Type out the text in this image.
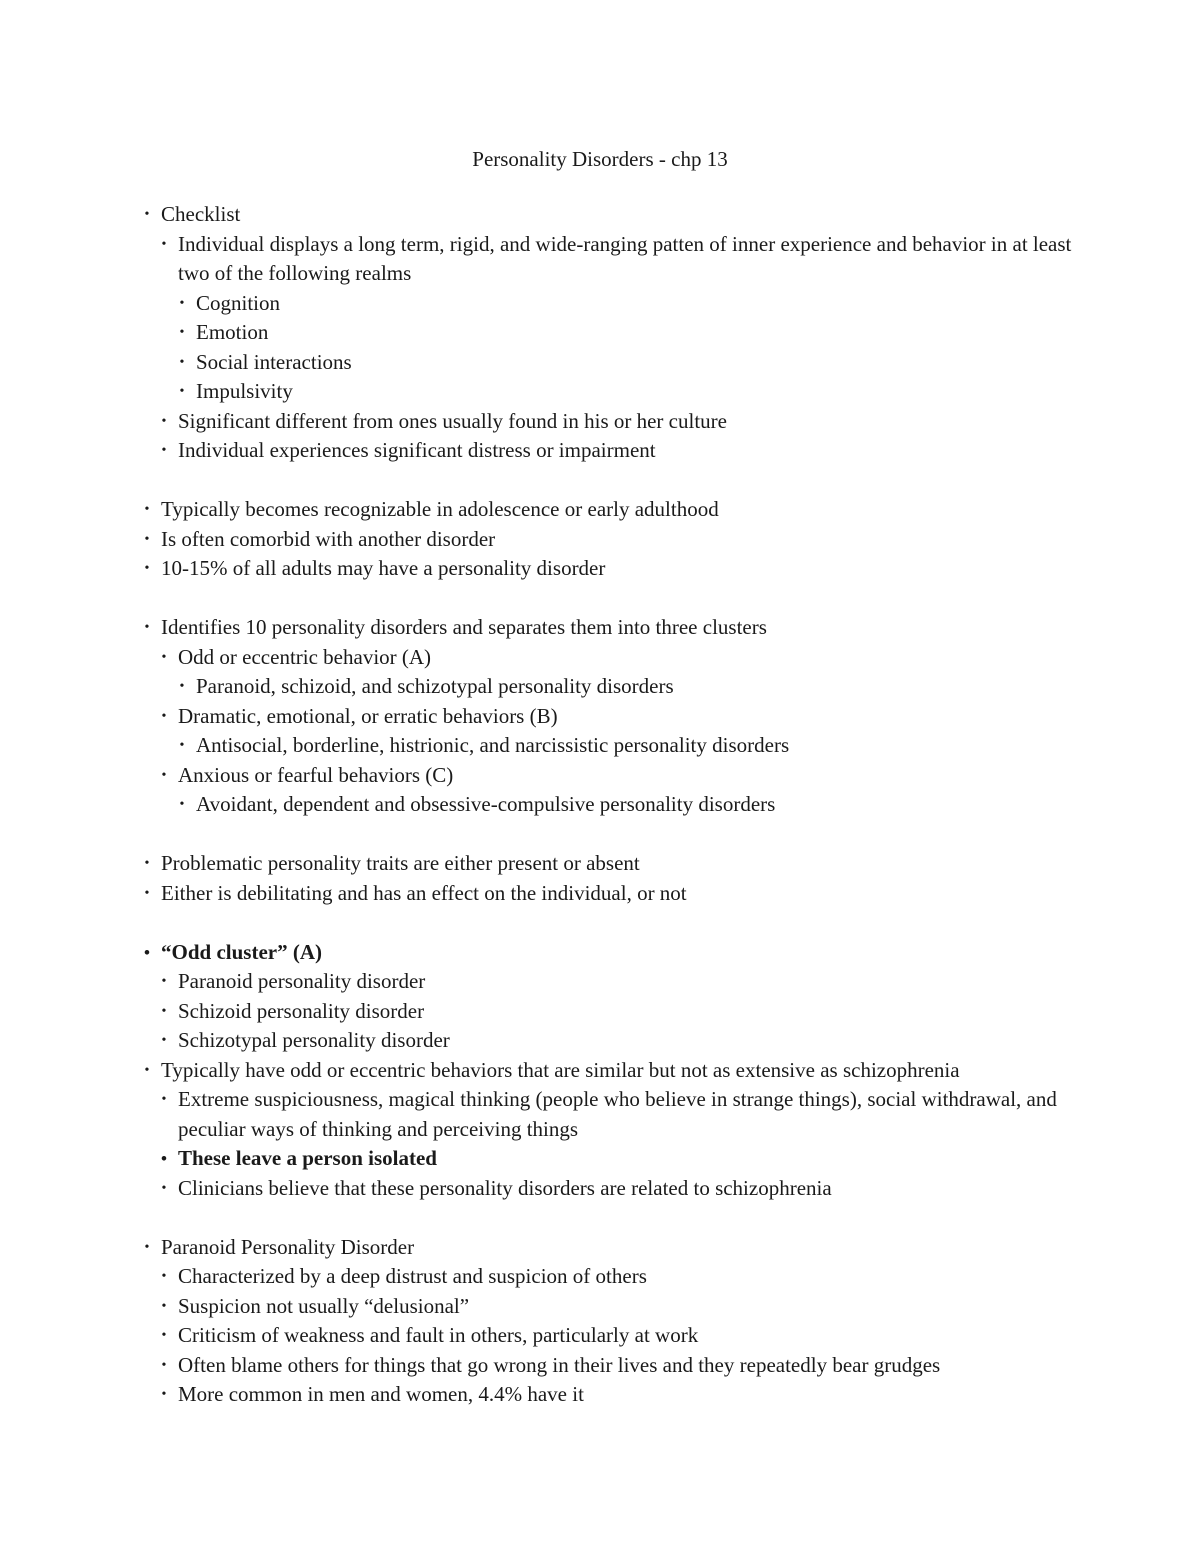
Personality Disorders - chp 13
• Checklist
• Individual displays a long term, rigid, and wide-ranging patten of inner experience and behavior in at least two of the following realms
• Cognition
• Emotion
• Social interactions
• Impulsivity
• Significant different from ones usually found in his or her culture
• Individual experiences significant distress or impairment
• Typically becomes recognizable in adolescence or early adulthood
• Is often comorbid with another disorder
• 10-15% of all adults may have a personality disorder
• Identifies 10 personality disorders and separates them into three clusters
• Odd or eccentric behavior (A)
• Paranoid, schizoid, and schizotypal personality disorders
• Dramatic, emotional, or erratic behaviors (B)
• Antisocial, borderline, histrionic, and narcissistic personality disorders
• Anxious or fearful behaviors (C)
• Avoidant, dependent and obsessive-compulsive personality disorders
• Problematic personality traits are either present or absent
• Either is debilitating and has an effect on the individual, or not
• “Odd cluster” (A)
• Paranoid personality disorder
• Schizoid personality disorder
• Schizotypal personality disorder
• Typically have odd or eccentric behaviors that are similar but not as extensive as schizophrenia
• Extreme suspiciousness, magical thinking (people who believe in strange things), social withdrawal, and peculiar ways of thinking and perceiving things
• These leave a person isolated
• Clinicians believe that these personality disorders are related to schizophrenia
• Paranoid Personality Disorder
• Characterized by a deep distrust and suspicion of others
• Suspicion not usually “delusional”
• Criticism of weakness and fault in others, particularly at work
• Often blame others for things that go wrong in their lives and they repeatedly bear grudges
• More common in men and women, 4.4% have it
